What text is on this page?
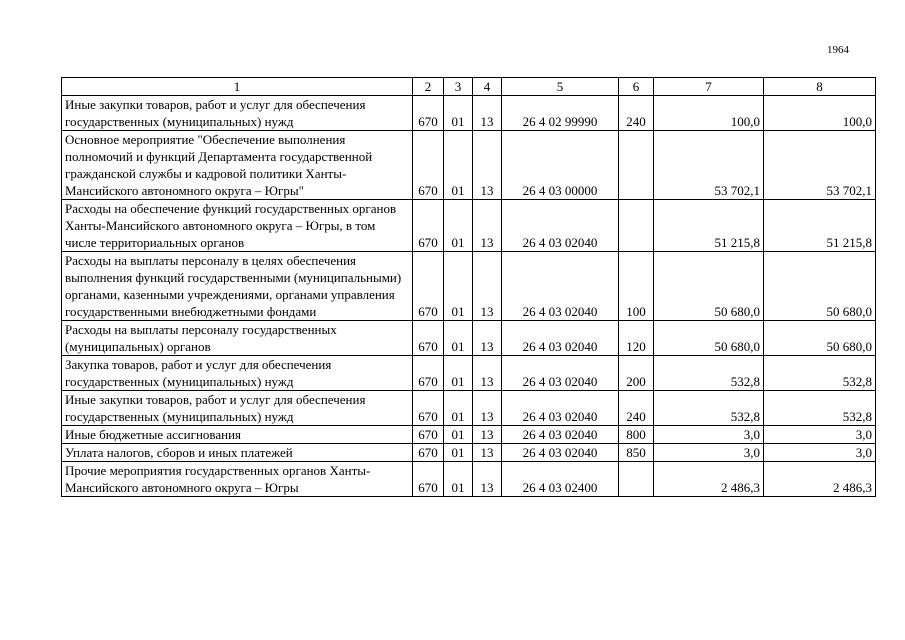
1964
1	2	3	4	5	6	7	8
Иные закупки товаров, работ и услуг для обеспечения государственных (муниципальных) нужд	670	01	13	26 4 02 99990	240	100,0	100,0
Основное мероприятие "Обеспечение выполнения полномочий и функций Департамента государственной гражданской службы и кадровой политики Ханты-Мансийского автономного округа – Югры"	670	01	13	26 4 03 00000		53 702,1	53 702,1
Расходы на обеспечение функций государственных органов Ханты-Мансийского автономного округа – Югры, в том числе территориальных органов	670	01	13	26 4 03 02040		51 215,8	51 215,8
Расходы на выплаты персоналу в целях обеспечения выполнения функций государственными (муниципальными) органами, казенными учреждениями, органами управления государственными внебюджетными фондами	670	01	13	26 4 03 02040	100	50 680,0	50 680,0
Расходы на выплаты персоналу государственных (муниципальных) органов	670	01	13	26 4 03 02040	120	50 680,0	50 680,0
Закупка товаров, работ и услуг для обеспечения государственных (муниципальных) нужд	670	01	13	26 4 03 02040	200	532,8	532,8
Иные закупки товаров, работ и услуг для обеспечения государственных (муниципальных) нужд	670	01	13	26 4 03 02040	240	532,8	532,8
Иные бюджетные ассигнования	670	01	13	26 4 03 02040	800	3,0	3,0
Уплата налогов, сборов и иных платежей	670	01	13	26 4 03 02040	850	3,0	3,0
Прочие мероприятия государственных органов Ханты-Мансийского автономного округа – Югры	670	01	13	26 4 03 02400		2 486,3	2 486,3
